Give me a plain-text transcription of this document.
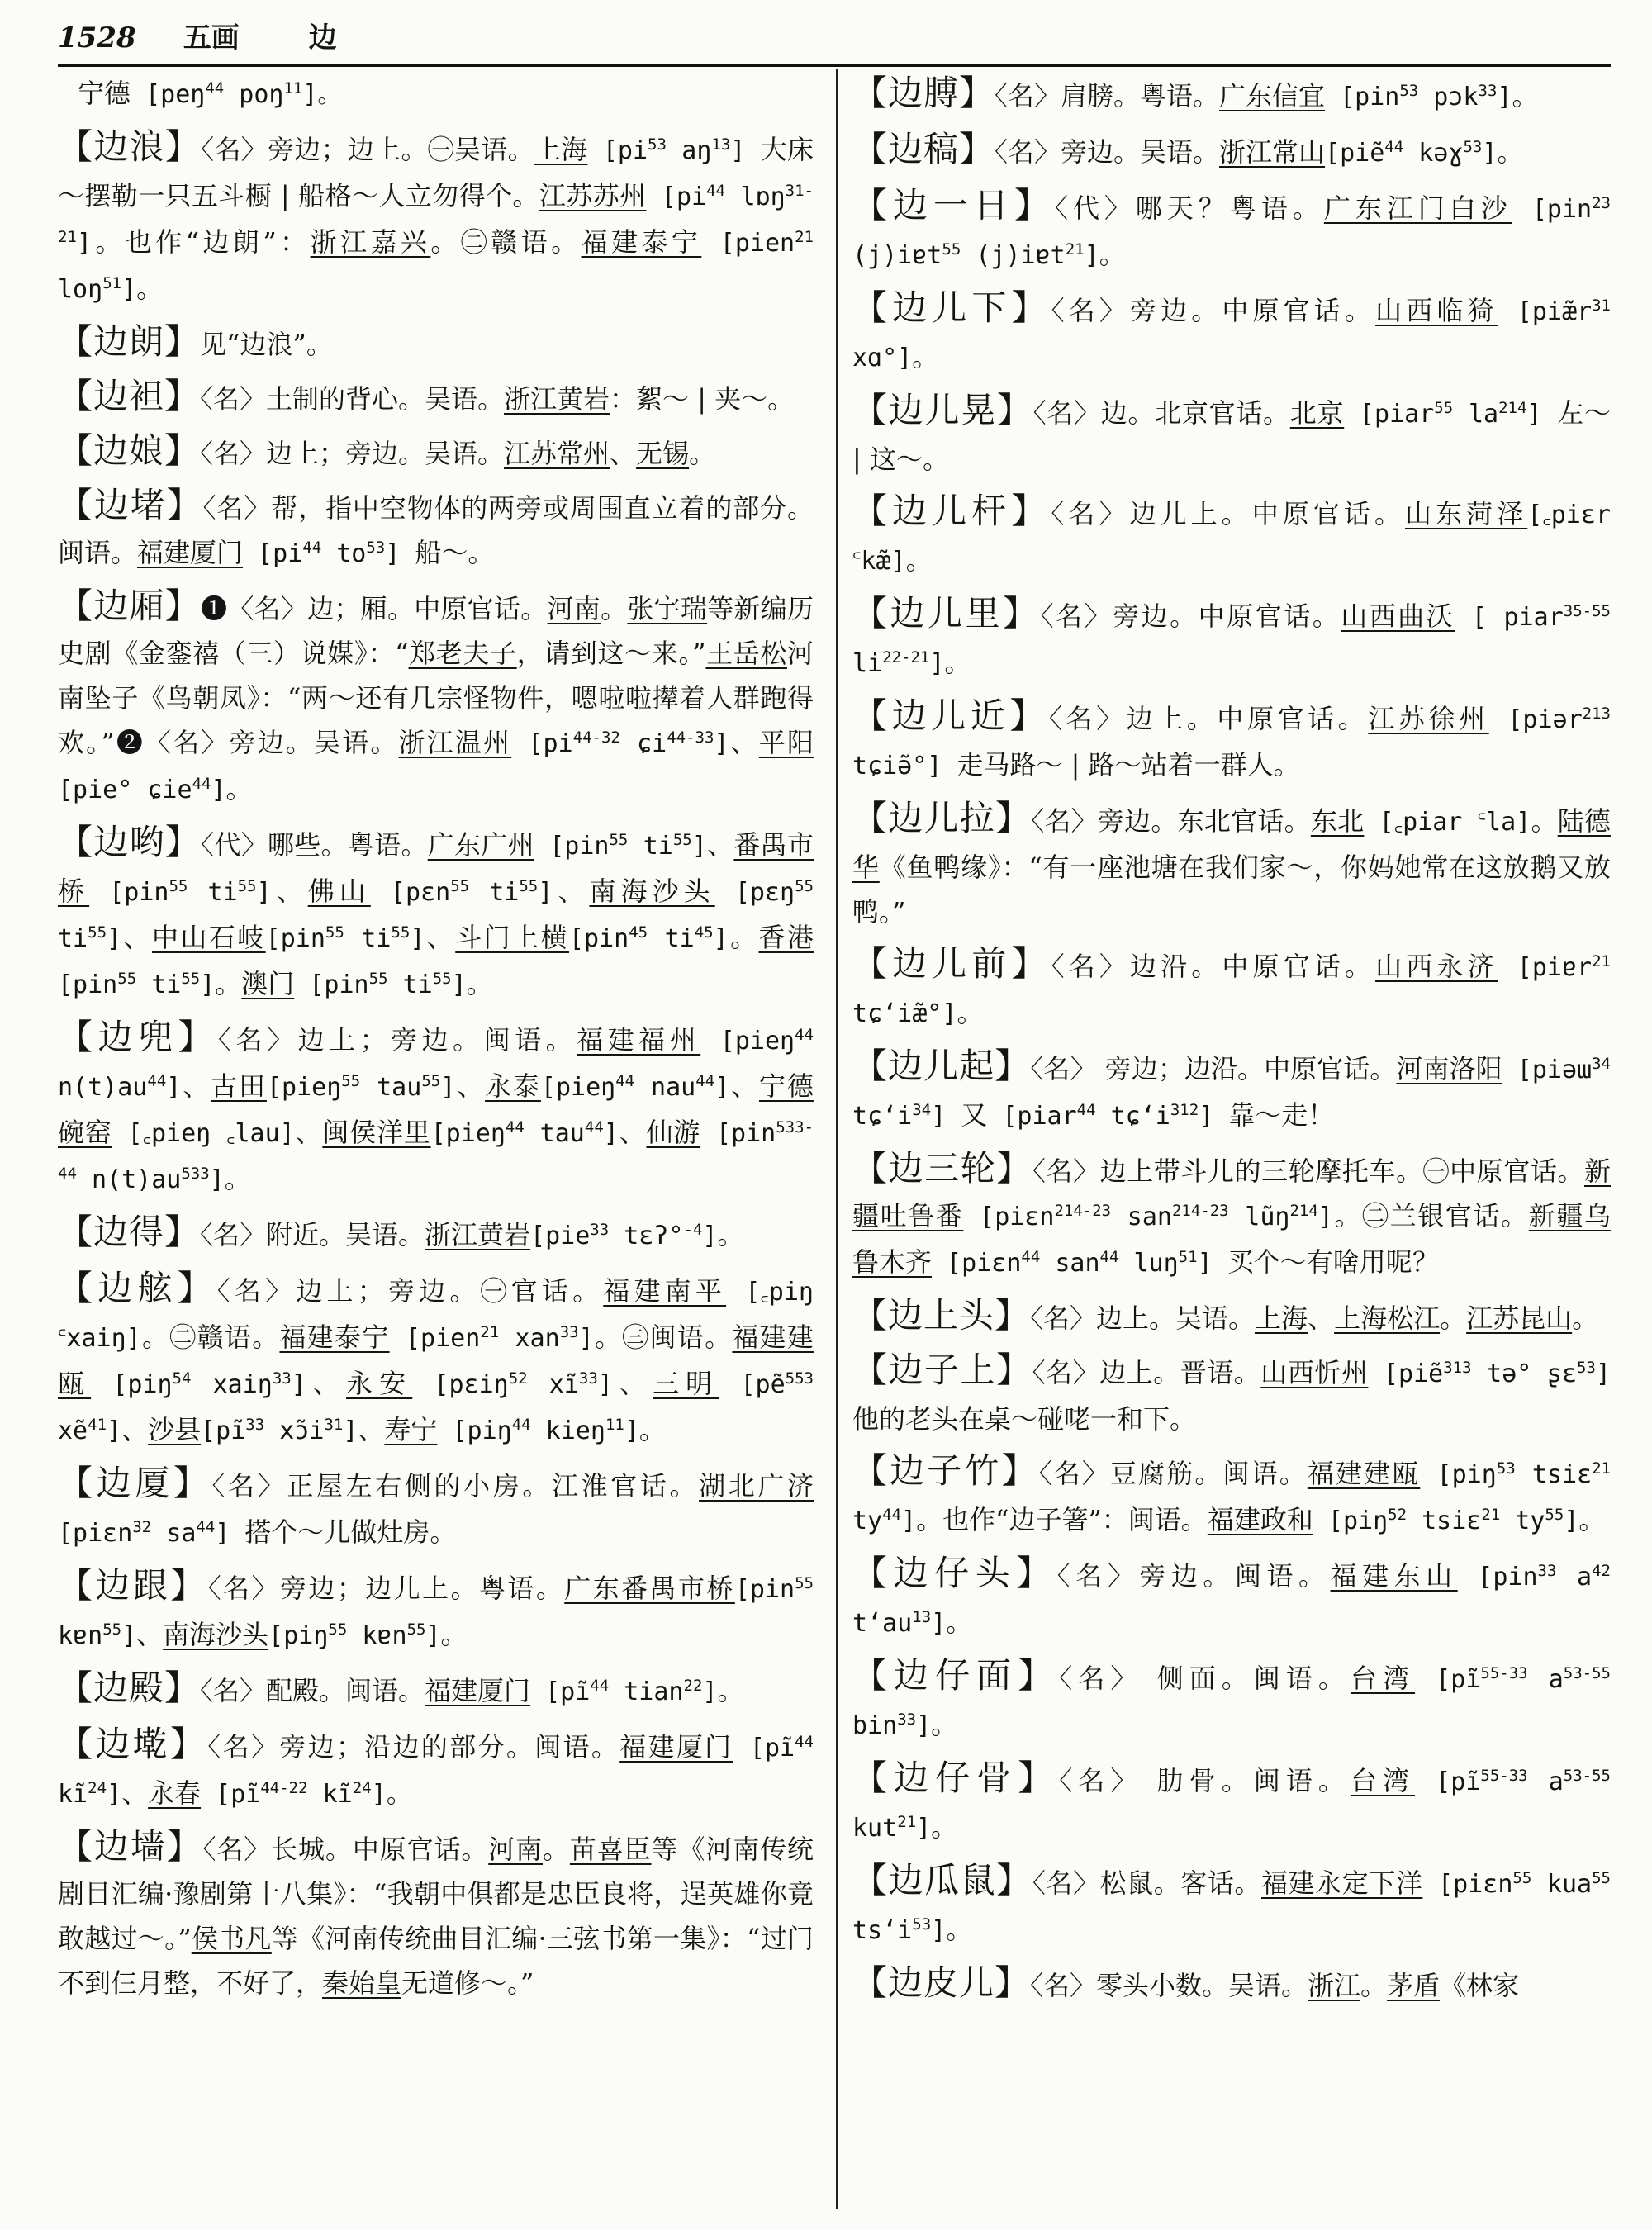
1528 五画 边

宁德 [peŋ$^{44}$ poŋ$^{11}$]。

【边浪】〈名〉旁边；边上。㊀吴语。上海 [$pi^{53}$ $aŋ^{13}$] 大床～摆勒一只五斗橱 | 船格～人立勿得个。江苏苏州 [$pi^{44}$ lɒŋ$^{31-21}$]。也作“边朗”：浙江嘉兴。㊁赣语。福建泰宁 [pien$^{21}$ loŋ$^{51}$]。

【边朗】见“边浪”。

【边袒】〈名〉土制的背心。吴语。浙江黄岩：絮～ | 夹～。

【边娘】〈名〉边上；旁边。吴语。江苏常州、无锡。

【边堵】〈名〉帮，指中空物体的两旁或周围直立着的部分。闽语。福建厦门 [$pi^{44}$ $to^{53}$] 船～。

【边厢】❶〈名〉边；厢。中原官话。河南。张宇瑞等新编历史剧《金銮禧（三）说媒》：“郑老夫子，请到这～来。”王岳松河南坠子《鸟朝凤》：“两～还有几宗怪物件，嗯啦啦撵着人群跑得欢。”❷〈名〉旁边。吴语。浙江温州 [$pi^{44-32}$ ɕi$^{44-33}$]、平阳 [pie° ɕie$^{44}$]。

【边哟】〈代〉哪些。粤语。广东广州 [pin$^{55}$ $ti^{55}$]、番禺市桥 [pin$^{55}$ $ti^{55}$]、佛山 [pɛn$^{55}$ $ti^{55}$]、南海沙头 [pɛŋ$^{55}$ $ti^{55}$]、中山石岐[pin$^{55}$ $ti^{55}$]、斗门上横[pin$^{45}$ $ti^{45}$]。香港 [pin$^{55}$ $ti^{55}$]。澳门 [pin$^{55}$ $ti^{55}$]。

【边兜】〈名〉边上；旁边。闽语。福建福州 [pieŋ$^{44}$ $n(t)au^{44}$]、古田[pieŋ$^{55}$ tau$^{55}$]、永泰[pieŋ$^{44}$ nau$^{44}$]、宁德碗窑 [꜀pieŋ ꜀lau]、闽侯洋里[pieŋ$^{44}$ tau$^{44}$]、仙游 [pin$^{533-44}$ $n(t)au^{533}$]。

【边得】〈名〉附近。吴语。浙江黄岩[pie$^{33}$ tɛʔ°$^{-4}$]。

【边舷】〈名〉边上；旁边。㊀官话。福建南平 [꜀piŋ ꜂xaiŋ]。㊁赣语。福建泰宁 [pien$^{21}$ xan$^{33}$]。㊂闽语。福建建瓯 [piŋ$^{54}$ xaiŋ$^{33}$]、永安 [pɛiŋ$^{52}$ $xĩ^{33}$]、三明 [pẽ$^{553}$ xẽ$^{41}$]、沙县[$pĩ^{33}$ $xɔ̃i^{31}$]、寿宁 [piŋ$^{44}$ kieŋ$^{11}$]。

【边厦】〈名〉正屋左右侧的小房。江淮官话。湖北广济 [piɛn$^{32}$ $sa^{44}$] 搭个～儿做灶房。

【边跟】〈名〉旁边；边儿上。粤语。广东番禺市桥[pin$^{55}$ kɐn$^{55}$]、南海沙头[piŋ$^{55}$ kɐn$^{55}$]。

【边殿】〈名〉配殿。闽语。福建厦门 [$pĩ^{44}$ tian$^{22}$]。

【边墘】〈名〉旁边；沿边的部分。闽语。福建厦门 [$pĩ^{44}$ $kĩ^{24}$]、永春 [$pĩ^{44-22}$ $kĩ^{24}$]。

【边墙】〈名〉长城。中原官话。河南。苗喜臣等《河南传统剧目汇编·豫剧第十八集》：“我朝中俱都是忠臣良将，逞英雄你竟敢越过～。”侯书凡等《河南传统曲目汇编·三弦书第一集》：“过门不到仨月整，不好了，秦始皇无道修～。”

【边膊】〈名〉肩膀。粤语。广东信宜 [pin$^{53}$ pɔk$^{33}$]。

【边稿】〈名〉旁边。吴语。浙江常山[piẽ$^{44}$ kəɣ$^{53}$]。

【边一日】〈代〉哪天？粤语。广东江门白沙 [pin$^{23}$ (j)iɐt$^{55}$ (j)iɐt$^{21}$]。

【边儿下】〈名〉旁边。中原官话。山西临猗 [$piæ̃r^{31}$ xɑ°]。

【边儿晃】〈名〉边。北京官话。北京 [piar$^{55}$ $la^{214}$] 左～ | 这～。

【边儿杆】〈名〉边儿上。中原官话。山东菏泽[꜀piɛr ꜂kæ̃]。

【边儿里】〈名〉旁边。中原官话。山西曲沃 [ piar$^{35-55}$ $li^{22-21}$]。

【边儿近】〈名〉边上。中原官话。江苏徐州 [piər$^{213}$ tɕiə̃°] 走马路～ | 路～站着一群人。

【边儿拉】〈名〉旁边。东北官话。东北 [꜀piar ꜂la]。陆德华《鱼鸭缘》：“有一座池塘在我们家～，你妈她常在这放鹅又放鸭。”

【边儿前】〈名〉边沿。中原官话。山西永济 [piɐr$^{21}$ tɕʻiæ̃°]。

【边儿起】〈名〉 旁边；边沿。中原官话。河南洛阳 [piəɯ$^{34}$ tɕʻi$^{34}$] 又 [piar$^{44}$ tɕʻi$^{312}$] 靠～走！

【边三轮】〈名〉边上带斗儿的三轮摩托车。㊀中原官话。新疆吐鲁番 [piɛn$^{214-23}$ san$^{214-23}$ lũŋ$^{214}$]。㊁兰银官话。新疆乌鲁木齐 [piɛn$^{44}$ san$^{44}$ luŋ$^{51}$] 买个～有啥用呢？

【边上头】〈名〉边上。吴语。上海、上海松江。江苏昆山。

【边子上】〈名〉边上。晋语。山西忻州 [piẽ$^{313}$ tə° ʂɛ$^{53}$] 他的老头在桌～碰咾一和下。

【边子竹】〈名〉豆腐筋。闽语。福建建瓯 [piŋ$^{53}$ tsiɛ$^{21}$ $ty^{44}$]。也作“边子箸”：闽语。福建政和 [piŋ$^{52}$ tsiɛ$^{21}$ $ty^{55}$]。

【边仔头】〈名〉旁边。闽语。福建东山 [pin$^{33}$ $a^{42}$ tʻau$^{13}$]。

【边仔面】〈名〉 侧面。闽语。台湾 [$pĩ^{55-33}$ $a^{53-55}$ bin$^{33}$]。

【边仔骨】〈名〉 肋骨。闽语。台湾 [$pĩ^{55-33}$ $a^{53-55}$ kut$^{21}$]。

【边瓜鼠】〈名〉松鼠。客话。福建永定下洋 [piɛn$^{55}$ kua$^{55}$ tsʻi$^{53}$]。

【边皮儿】〈名〉零头小数。吴语。浙江。茅盾《林家
